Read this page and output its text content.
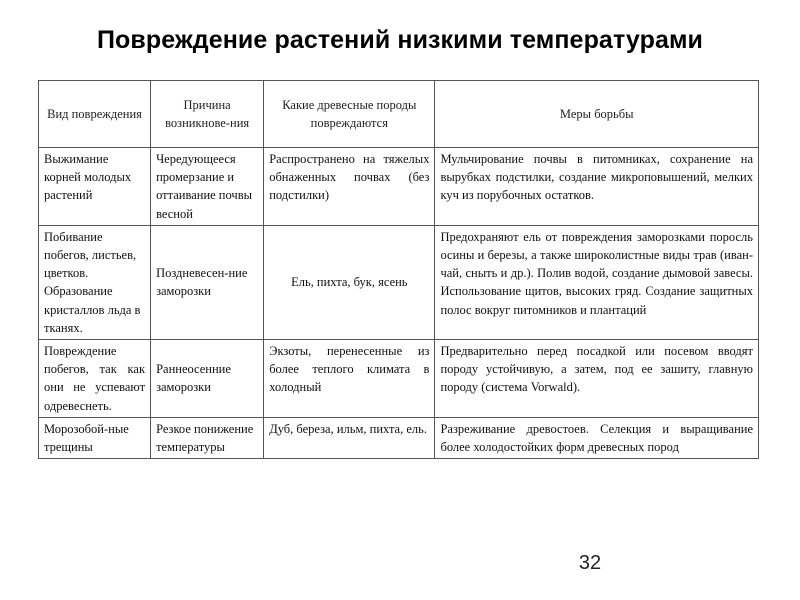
Повреждение растений низкими температурами
Вид повреждения	Причина возникнове-ния	Какие древесные породы повреждаются	Меры борьбы
Выжимание корней молодых растений	Чередующееся промерзание и оттаивание почвы весной	Распространено на тяжелых обнаженных почвах (без подстилки)	Мульчирование почвы в питомниках, сохранение на вырубках подстилки, создание микроповышений, мелких куч из порубочных остатков.
Побивание побегов, листьев, цветков. Образование кристаллов льда в тканях.	Поздневесен-ние заморозки	Ель, пихта, бук, ясень	Предохраняют ель от повреждения заморозками поросль осины и березы, а также широколистные виды трав (иван-чай, сныть и др.). Полив водой, создание дымовой завесы. Использование щитов, высоких гряд. Создание защитных полос вокруг питомников и плантаций
Повреждение побегов, так как они не успевают одревеснеть.	Раннеосенние заморозки	Экзоты, перенесенные из более теплого климата в холодный	Предварительно перед посадкой или посевом вводят породу устойчивую, а затем, под ее зашиту, главную породу (система Vorwald).
Морозобой-ные трещины	Резкое понижение температуры	Дуб, береза, ильм, пихта, ель.	Разреживание древостоев. Селекция и выращивание более холодостойких форм древесных пород
32
